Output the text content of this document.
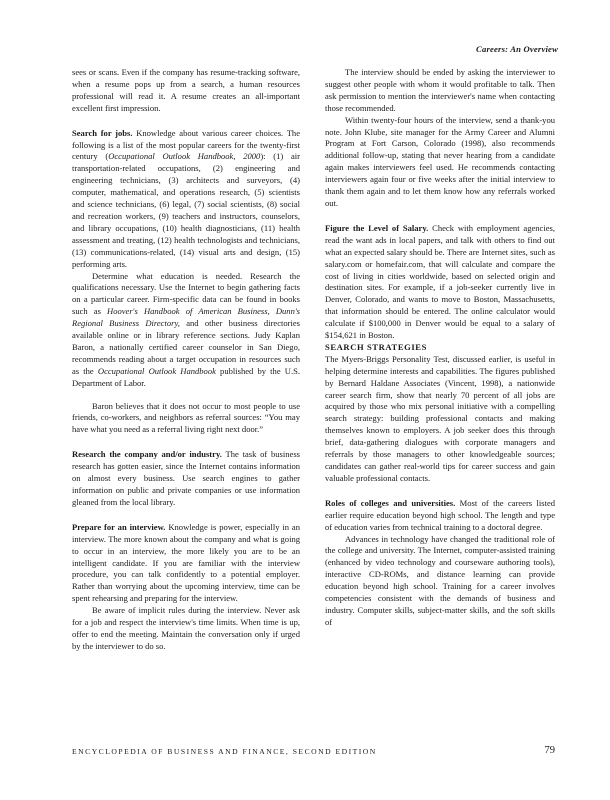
Careers: An Overview

sees or scans. Even if the company has resume-tracking software, when a resume pops up from a search, a human resources professional will read it. A resume creates an all-important excellent first impression.

Search for jobs. Knowledge about various career choices. The following is a list of the most popular careers for the twenty-first century (Occupational Outlook Handbook, 2000): (1) air transportation-related occupations, (2) engineering and engineering technicians, (3) architects and surveyors, (4) computer, mathematical, and operations research, (5) scientists and science technicians, (6) legal, (7) social scientists, (8) social and recreation workers, (9) teachers and instructors, counselors, and library occupations, (10) health diagnosticians, (11) health assessment and treating, (12) health technologists and technicians, (13) communications-related, (14) visual arts and design, (15) performing arts.

Determine what education is needed. Research the qualifications necessary. Use the Internet to begin gathering facts on a particular career. Firm-specific data can be found in books such as Hoover's Handbook of American Business, Dunn's Regional Business Directory, and other business directories available online or in library reference sections. Judy Kaplan Baron, a nationally certified career counselor in San Diego, recommends reading about a target occupation in resources such as the Occupational Outlook Handbook published by the U.S. Department of Labor.

Baron believes that it does not occur to most people to use friends, co-workers, and neighbors as referral sources: “You may have what you need as a referral living right next door.”

Research the company and/or industry. The task of business research has gotten easier, since the Internet contains information on almost every business. Use search engines to gather information on public and private companies or use information gleaned from the local library.

Prepare for an interview. Knowledge is power, especially in an interview. The more known about the company and what is going to occur in an interview, the more likely you are to be an intelligent candidate. If you are familiar with the interview procedure, you can talk confidently to a potential employer. Rather than worrying about the upcoming interview, time can be spent rehearsing and preparing for the interview.

Be aware of implicit rules during the interview. Never ask for a job and respect the interview's time limits. When time is up, offer to end the meeting. Maintain the conversation only if urged by the interviewer to do so.

The interview should be ended by asking the interviewer to suggest other people with whom it would profitable to talk. Then ask permission to mention the interviewer's name when contacting those recommended.

Within twenty-four hours of the interview, send a thank-you note. John Klube, site manager for the Army Career and Alumni Program at Fort Carson, Colorado (1998), also recommends additional follow-up, stating that never hearing from a candidate again makes interviewers feel used. He recommends contacting interviewers again four or five weeks after the initial interview to thank them again and to let them know how any referrals worked out.

Figure the Level of Salary. Check with employment agencies, read the want ads in local papers, and talk with others to find out what an expected salary should be. There are Internet sites, such as salary.com or homefair.com, that will calculate and compare the cost of living in cities worldwide, based on selected origin and destination sites. For example, if a job-seeker currently live in Denver, Colorado, and wants to move to Boston, Massachusetts, that information should be entered. The online calculator would calculate if $100,000 in Denver would be equal to a salary of $154,621 in Boston.

SEARCH STRATEGIES

The Myers-Briggs Personality Test, discussed earlier, is useful in helping determine interests and capabilities. The figures published by Bernard Haldane Associates (Vincent, 1998), a nationwide career search firm, show that nearly 70 percent of all jobs are acquired by those who mix personal initiative with a compelling search strategy: building professional contacts and making themselves known to employers. A job seeker does this through brief, data-gathering dialogues with corporate managers and referrals by those managers to other knowledgeable sources; candidates can gather real-world tips for career success and gain valuable professional contacts.

Roles of colleges and universities. Most of the careers listed earlier require education beyond high school. The length and type of education varies from technical training to a doctoral degree.

Advances in technology have changed the traditional role of the college and university. The Internet, computer-assisted training (enhanced by video technology and courseware authoring tools), interactive CD-ROMs, and distance learning can provide education beyond high school. Training for a career involves competencies consistent with the demands of business and industry. Computer skills, subject-matter skills, and the soft skills of

ENCYCLOPEDIA OF BUSINESS AND FINANCE, SECOND EDITION	79
